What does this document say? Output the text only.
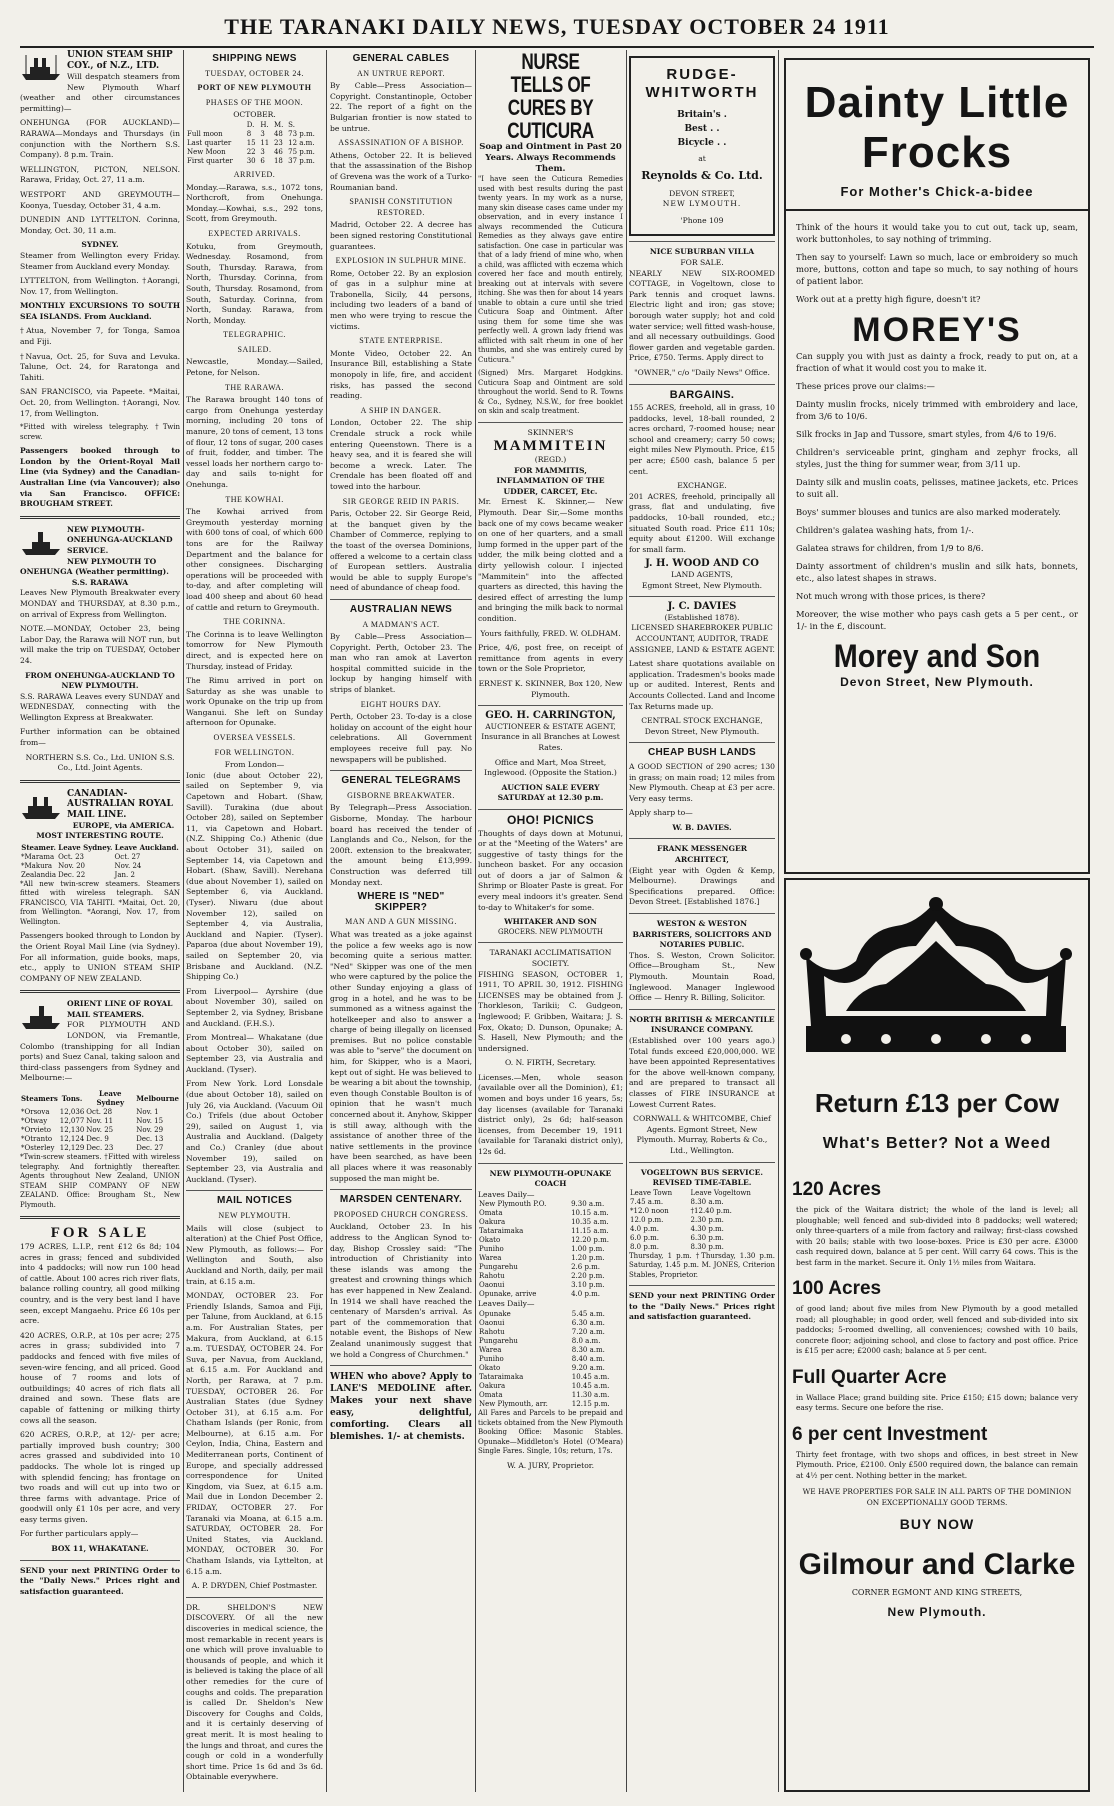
THE TARANAKI DAILY NEWS, TUESDAY OCTOBER 24 1911
UNION STEAM SHIP COY., of N.Z., LTD.
Will despatch steamers from New Plymouth Wharf (weather and other circumstances permitting)—
ONEHUNGA (FOR AUCKLAND)— RARAWA—Mondays and Thursdays (in conjunction with the Northern S.S. Company). 8 p.m. Train.
WELLINGTON, PICTON, NELSON. Rarawa, Friday, Oct. 27, 11 a.m.
WESTPORT AND GREYMOUTH— Koonya, Tuesday, October 31, 4 a.m.
DUNEDIN AND LYTTELTON. Corinna, Monday, Oct. 30, 11 a.m.
SYDNEY.
Steamer from Wellington every Friday. Steamer from Auckland every Monday.
LYTTELTON, from Wellington. †Aorangi, Nov. 17, from Wellington.
MONTHLY EXCURSIONS TO SOUTH SEA ISLANDS. From Auckland.
†Atua, November 7, for Tonga, Samoa and Fiji.
†Navua, Oct. 25, for Suva and Levuka. Talune, Oct. 24, for Raratonga and Tahiti.
SAN FRANCISCO, via Papeete. *Maitai, Oct. 20, from Wellington. †Aorangi, Nov. 17, from Wellington.
*Fitted with wireless telegraphy. †Twin screw.
Passengers booked through to London by the Orient-Royal Mail Line (via Sydney) and the Canadian-Australian Line (via Vancouver); also via San Francisco. OFFICE: BROUGHAM STREET.
NEW PLYMOUTH-ONEHUNGA-AUCKLAND SERVICE.
NEW PLYMOUTH TO ONEHUNGA (Weather permitting).
S.S. RARAWA
Leaves New Plymouth Breakwater every MONDAY and THURSDAY, at 8.30 p.m., on arrival of Express from Wellington.
NOTE.—MONDAY, October 23, being Labor Day, the Rarawa will NOT run, but will make the trip on TUESDAY, October 24.
FROM ONEHUNGA-AUCKLAND TO NEW PLYMOUTH.
S.S. RARAWA Leaves every SUNDAY and WEDNESDAY, connecting with the Wellington Express at Breakwater.
Further information can be obtained from—
NORTHERN S.S. Co., Ltd. UNION S.S. Co., Ltd. Joint Agents.
CANADIAN-AUSTRALIAN ROYAL MAIL LINE.
EUROPE, via AMERICA. MOST INTERESTING ROUTE.
Steamer.	Leave Sydney.	Leave Auckland.
*Marama	Oct. 23	Oct. 27
*Makura	Nov. 20	Nov. 24
Zealandia	Dec. 22	Jan. 2
*All new twin-screw steamers. Steamers fitted with wireless telegraph. SAN FRANCISCO, VIA TAHITI. *Maitai, Oct. 20, from Wellington. *Aorangi, Nov. 17, from Wellington.
Passengers booked through to London by the Orient Royal Mail Line (via Sydney). For all information, guide books, maps, etc., apply to UNION STEAM SHIP COMPANY OF NEW ZEALAND.
ORIENT LINE OF ROYAL MAIL STEAMERS.
FOR PLYMOUTH AND LONDON, via Fremantle, Colombo (transhipping for all Indian ports) and Suez Canal, taking saloon and third-class passengers from Sydney and Melbourne:—
Steamers	Tons.	Leave Sydney	Melbourne
*Orsova	12,036	Oct. 28	Nov. 1
*Otway	12,077	Nov. 11	Nov. 15
*Orvieto	12,130	Nov. 25	Nov. 29
*Otranto	12,124	Dec. 9	Dec. 13
*Osterley	12,129	Dec. 23	Dec. 27
*Twin-screw steamers. †Fitted with wireless telegraphy. And fortnightly thereafter. Agents throughout New Zealand, UNION STEAM SHIP COMPANY OF NEW ZEALAND. Office: Brougham St., New Plymouth.
FOR SALE
179 ACRES, L.I.P., rent £12 6s 8d; 104 acres in grass; fenced and subdivided into 4 paddocks; will now run 100 head of cattle. About 100 acres rich river flats, balance rolling country, all good milking country, and is the very best land I have seen, except Mangaehu. Price £6 10s per acre.
420 ACRES, O.R.P., at 10s per acre; 275 acres in grass; subdivided into 7 paddocks and fenced with five miles of seven-wire fencing, and all priced. Good house of 7 rooms and lots of outbuildings; 40 acres of rich flats all drained and sown. These flats are capable of fattening or milking thirty cows all the season.
620 ACRES, O.R.P., at 12/- per acre; partially improved bush country; 300 acres grassed and subdivided into 10 paddocks. The whole lot is ringed up with splendid fencing; has frontage on two roads and will cut up into two or three farms with advantage. Price of goodwill only £1 10s per acre, and very easy terms given.
For further particulars apply—
BOX 11, WHAKATANE.
SEND your next PRINTING Order to the "Daily News." Prices right and satisfaction guaranteed.
SHIPPING NEWS
TUESDAY, OCTOBER 24.
PORT OF NEW PLYMOUTH
PHASES OF THE MOON.
OCTOBER.
	D.	H.	M.	S.
Full moon	8	3	48	73 p.m.
Last quarter	15	11	23	12 a.m.
New Moon	22	3	46	75 p.m.
First quarter	30	6	18	37 p.m.
ARRIVED.
Monday.—Rarawa, s.s., 1072 tons, Northcroft, from Onehunga. Monday.—Kowhai, s.s., 292 tons, Scott, from Greymouth.
EXPECTED ARRIVALS.
Kotuku, from Greymouth, Wednesday. Rosamond, from South, Thursday. Rarawa, from North, Thursday. Corinna, from South, Thursday. Rosamond, from South, Saturday. Corinna, from North, Sunday. Rarawa, from North, Monday.
TELEGRAPHIC.
SAILED.
Newcastle, Monday.—Sailed, Petone, for Nelson.
THE RARAWA.
The Rarawa brought 140 tons of cargo from Onehunga yesterday morning, including 20 tons of manure, 20 tons of cement, 13 tons of flour, 12 tons of sugar, 200 cases of fruit, fodder, and timber. The vessel loads her northern cargo to-day and sails to-night for Onehunga.
THE KOWHAI.
The Kowhai arrived from Greymouth yesterday morning with 600 tons of coal, of which 600 tons are for the Railway Department and the balance for other consignees. Discharging operations will be proceeded with to-day, and after completing will load 400 sheep and about 60 head of cattle and return to Greymouth.
THE CORINNA.
The Corinna is to leave Wellington tomorrow for New Plymouth direct, and is expected here on Thursday, instead of Friday.
The Rimu arrived in port on Saturday as she was unable to work Opunake on the trip up from Wanganui. She left on Sunday afternoon for Opunake.
OVERSEA VESSELS.
FOR WELLINGTON.
From London—
Ionic (due about October 22), sailed on September 9, via Capetown and Hobart. (Shaw, Savill). Turakina (due about October 28), sailed on September 11, via Capetown and Hobart. (N.Z. Shipping Co.) Athenic (due about October 31), sailed on September 14, via Capetown and Hobart. (Shaw, Savill). Nerehana (due about November 1), sailed on September 6, via Auckland. (Tyser). Niwaru (due about November 12), sailed on September 4, via Australia, Auckland and Napier. (Tyser). Paparoa (due about November 19), sailed on September 20, via Brisbane and Auckland. (N.Z. Shipping Co.)
From Liverpool— Ayrshire (due about November 30), sailed on September 2, via Sydney, Brisbane and Auckland. (F.H.S.).
From Montreal— Whakatane (due about October 30), sailed on September 23, via Australia and Auckland. (Tyser).
From New York. Lord Lonsdale (due about October 18), sailed on July 26, via Auckland. (Vacuum Oil Co.) Trifels (due about October 29), sailed on August 1, via Australia and Auckland. (Dalgety and Co.) Cranley (due about November 19), sailed on September 23, via Australia and Auckland. (Tyser).
MAIL NOTICES
NEW PLYMOUTH.
Mails will close (subject to alteration) at the Chief Post Office, New Plymouth, as follows:— For Wellington and South, also Auckland and North, daily, per mail train, at 6.15 a.m.
MONDAY, OCTOBER 23. For Friendly Islands, Samoa and Fiji, per Talune, from Auckland, at 6.15 a.m. For Australian States, per Makura, from Auckland, at 6.15 a.m. TUESDAY, OCTOBER 24. For Suva, per Navua, from Auckland, at 6.15 a.m. For Auckland and North, per Rarawa, at 7 p.m. TUESDAY, OCTOBER 26. For Australian States (due Sydney October 31), at 6.15 a.m. For Chatham Islands (per Ronic, from Melbourne), at 6.15 a.m. For Ceylon, India, China, Eastern and Mediterranean ports, Continent of Europe, and specially addressed correspondence for United Kingdom, via Suez, at 6.15 a.m. Mail due in London December 2. FRIDAY, OCTOBER 27. For Taranaki via Moana, at 6.15 a.m. SATURDAY, OCTOBER 28. For United States, via Auckland. MONDAY, OCTOBER 30. For Chatham Islands, via Lyttelton, at 6.15 a.m.
A. P. DRYDEN, Chief Postmaster.
DR. SHELDON'S NEW DISCOVERY. Of all the new discoveries in medical science, the most remarkable in recent years is one which will prove invaluable to thousands of people, and which it is believed is taking the place of all other remedies for the cure of coughs and colds. The preparation is called Dr. Sheldon's New Discovery for Coughs and Colds, and it is certainly deserving of great merit. It is most healing to the lungs and throat, and cures the cough or cold in a wonderfully short time. Price 1s 6d and 3s 6d. Obtainable everywhere.
GENERAL CABLES
AN UNTRUE REPORT.
By Cable—Press Association—Copyright. Constantinople, October 22. The report of a fight on the Bulgarian frontier is now stated to be untrue.
ASSASSINATION OF A BISHOP.
Athens, October 22. It is believed that the assassination of the Bishop of Grevena was the work of a Turko-Roumanian band.
SPANISH CONSTITUTION RESTORED.
Madrid, October 22. A decree has been signed restoring Constitutional guarantees.
EXPLOSION IN SULPHUR MINE.
Rome, October 22. By an explosion of gas in a sulphur mine at Trabonella, Sicily, 44 persons, including two leaders of a band of men who were trying to rescue the victims.
STATE ENTERPRISE.
Monte Video, October 22. An Insurance Bill, establishing a State monopoly in life, fire, and accident risks, has passed the second reading.
A SHIP IN DANGER.
London, October 22. The ship Crendale struck a rock while entering Queenstown. There is a heavy sea, and it is feared she will become a wreck. Later. The Crendale has been floated off and towed into the harbour.
SIR GEORGE REID IN PARIS.
Paris, October 22. Sir George Reid, at the banquet given by the Chamber of Commerce, replying to the toast of the oversea Dominions, offered a welcome to a certain class of European settlers. Australia would be able to supply Europe's need of abundance of cheap food.
AUSTRALIAN NEWS
A MADMAN'S ACT.
By Cable—Press Association—Copyright. Perth, October 23. The man who ran amok at Laverton hospital committed suicide in the lockup by hanging himself with strips of blanket.
EIGHT HOURS DAY.
Perth, October 23. To-day is a close holiday on account of the eight hour celebrations. All Government employees receive full pay. No newspapers will be published.
GENERAL TELEGRAMS
GISBORNE BREAKWATER.
By Telegraph—Press Association. Gisborne, Monday. The harbour board has received the tender of Langlands and Co., Nelson, for the 200ft. extension to the breakwater, the amount being £13,999. Construction was deferred till Monday next.
WHERE IS "NED" SKIPPER?
MAN AND A GUN MISSING.
What was treated as a joke against the police a few weeks ago is now becoming quite a serious matter. "Ned" Skipper was one of the men who were captured by the police the other Sunday enjoying a glass of grog in a hotel, and he was to be summoned as a witness against the hotelkeeper and also to answer a charge of being illegally on licensed premises. But no police constable was able to "serve" the document on him, for Skipper, who is a Maori, kept out of sight. He was believed to be wearing a bit about the township, even though Constable Boulton is of opinion that he wasn't much concerned about it. Anyhow, Skipper is still away, although with the assistance of another three of the native settlements in the province have been searched, as have been all places where it was reasonably supposed the man might be.
MARSDEN CENTENARY.
PROPOSED CHURCH CONGRESS.
Auckland, October 23. In his address to the Anglican Synod to-day, Bishop Crossley said: "The introduction of Christianity into these islands was among the greatest and crowning things which has ever happened in New Zealand. In 1914 we shall have reached the centenary of Marsden's arrival. As part of the commemoration that notable event, the Bishops of New Zealand unanimously suggest that we hold a Congress of Churchmen."
WHEN who above? Apply to LANE'S MEDOLINE after. Makes your next shave easy, delightful, comforting. Clears all blemishes. 1/- at chemists.
NURSE TELLS OF CURES BY CUTICURA
Soap and Ointment in Past 20 Years. Always Recommends Them.
"I have seen the Cuticura Remedies used with best results during the past twenty years. In my work as a nurse, many skin disease cases came under my observation, and in every instance I always recommended the Cuticura Remedies as they always gave entire satisfaction. One case in particular was that of a lady friend of mine who, when a child, was afflicted with eczema which covered her face and mouth entirely, breaking out at intervals with severe itching. She was then for about 14 years unable to obtain a cure until she tried Cuticura Soap and Ointment. After using them for some time she was perfectly well. A grown lady friend was afflicted with salt rheum in one of her thumbs, and she was entirely cured by Cuticura."
(Signed) Mrs. Margaret Hodgkins. Cuticura Soap and Ointment are sold throughout the world. Send to R. Towns & Co., Sydney, N.S.W., for free booklet on skin and scalp treatment.
SKINNER'S
MAMMITEIN
(REGD.)
FOR MAMMITIS, INFLAMMATION OF THE UDDER, CARCET, Etc.
Mr. Ernest K. Skinner,— New Plymouth. Dear Sir,—Some months back one of my cows became weaker on one of her quarters, and a small lump formed in the upper part of the udder, the milk being clotted and a dirty yellowish colour. I injected "Mammitein" into the affected quarters as directed, this having the desired effect of arresting the lump and bringing the milk back to normal condition.
Yours faithfully, FRED. W. OLDHAM.
Price, 4/6, post free, on receipt of remittance from agents in every town or the Sole Proprietor,
ERNEST K. SKINNER, Box 120, New Plymouth.
GEO. H. CARRINGTON,
AUCTIONEER & ESTATE AGENT, Insurance in all Branches at Lowest Rates.
Office and Mart, Moa Street, Inglewood. (Opposite the Station.)
AUCTION SALE EVERY SATURDAY at 12.30 p.m.
OHO! PICNICS
Thoughts of days down at Motunui, or at the "Meeting of the Waters" are suggestive of tasty things for the luncheon basket. For any occasion out of doors a jar of Salmon & Shrimp or Bloater Paste is great. For every meal indoors it's greater. Send to-day to Whitaker's for some.
WHITAKER AND SON
GROCERS. NEW PLYMOUTH
TARANAKI ACCLIMATISATION SOCIETY.
FISHING SEASON, OCTOBER 1, 1911, TO APRIL 30, 1912. FISHING LICENSES may be obtained from J. Thorkleson, Tarikii; C. Gudgeon, Inglewood; F. Gribben, Waitara; J. S. Fox, Okato; D. Dunson, Opunake; A. S. Hasell, New Plymouth; and the undersigned.
O. N. FIRTH, Secretary.
Licenses.—Men, whole season (available over all the Dominion), £1; women and boys under 16 years, 5s; day licenses (available for Taranaki district only), 2s 6d; half-season licenses, from December 19, 1911 (available for Taranaki district only), 12s 6d.
NEW PLYMOUTH-OPUNAKE COACH
Leaves Daily—
New Plymouth P.O.	9.30 a.m.
Omata	10.15 a.m.
Oakura	10.35 a.m.
Tataraimaka	11.15 a.m.
Okato	12.20 p.m.
Puniho	1.00 p.m.
Warea	1.20 p.m.
Pungarehu	2.6 p.m.
Rahotu	2.20 p.m.
Oaonui	3.10 p.m.
Opunake, arrive	4.0 p.m.
Leaves Daily—
Opunake	5.45 a.m.
Oaonui	6.30 a.m.
Rahotu	7.20 a.m.
Pungarehu	8.0 a.m.
Warea	8.30 a.m.
Puniho	8.40 a.m.
Okato	9.20 a.m.
Tataraimaka	10.45 a.m.
Oakura	10.45 a.m.
Omata	11.30 a.m.
New Plymouth, arr.	12.15 p.m.
All Fares and Parcels to be prepaid and tickets obtained from the New Plymouth Booking Office: Masonic Stables. Opunake—Middleton's Hotel (O'Meara) Single Fares. Single, 10s; return, 17s.
W. A. JURY, Proprietor.
RUDGE-
WHITWORTH
Britain's .
Best . .
Bicycle . .
at
Reynolds & Co. Ltd.
DEVON STREET,
NEW LYMOUTH.
'Phone 109
NICE SUBURBAN VILLA
FOR SALE.
NEARLY NEW SIX-ROOMED COTTAGE, in Vogeltown, close to Park tennis and croquet lawns. Electric light and iron; gas stove; borough water supply; hot and cold water service; well fitted wash-house, and all necessary outbuildings. Good flower garden and vegetable garden. Price, £750. Terms. Apply direct to
"OWNER," c/o "Daily News" Office.
BARGAINS.
155 ACRES, freehold, all in grass, 10 paddocks, level, 18-ball rounded, 2 acres orchard, 7-roomed house; near school and creamery; carry 50 cows; eight miles New Plymouth. Price, £15 per acre; £500 cash, balance 5 per cent.
EXCHANGE.
201 ACRES, freehold, principally all grass, flat and undulating, five paddocks, 10-ball rounded, etc.; situated South road. Price £11 10s; equity about £1200. Will exchange for small farm.
J. H. WOOD AND CO
LAND AGENTS,
Egmont Street, New Plymouth.
J. C. DAVIES
(Established 1878).
LICENSED SHAREBROKER PUBLIC ACCOUNTANT, AUDITOR, TRADE ASSIGNEE, LAND & ESTATE AGENT.
Latest share quotations available on application. Tradesmen's books made up or audited. Interest, Rents and Accounts Collected. Land and Income Tax Returns made up.
CENTRAL STOCK EXCHANGE, Devon Street, New Plymouth.
CHEAP BUSH LANDS
A GOOD SECTION of 290 acres; 130 in grass; on main road; 12 miles from New Plymouth. Cheap at £3 per acre. Very easy terms.
Apply sharp to—
W. B. DAVIES.
FRANK MESSENGER ARCHITECT,
(Eight year with Ogden & Kemp, Melbourne). Drawings and Specifications prepared. Office: Devon Street. [Established 1876.]
WESTON & WESTON BARRISTERS, SOLICITORS AND NOTARIES PUBLIC.
Thos. S. Weston, Crown Solicitor. Office—Brougham St., New Plymouth. Mountain Road, Inglewood. Manager Inglewood Office — Henry R. Billing, Solicitor.
NORTH BRITISH & MERCANTILE INSURANCE COMPANY.
(Established over 100 years ago.) Total funds exceed £20,000,000. WE have been appointed Representatives for the above well-known company, and are prepared to transact all classes of FIRE INSURANCE at Lowest Current Rates.
CORNWALL & WHITCOMBE, Chief Agents. Egmont Street, New Plymouth. Murray, Roberts & Co., Ltd., Wellington.
VOGELTOWN BUS SERVICE. REVISED TIME-TABLE.
Leave Town	Leave Vogeltown
7.45 a.m.	8.30 a.m.
*12.0 noon	†12.40 p.m.
12.0 p.m.	2.30 p.m.
4.0 p.m.	4.30 p.m.
6.0 p.m.	6.30 p.m.
8.0 p.m.	8.30 p.m.
Thursday, 1 p.m. †Thursday, 1.30 p.m. Saturday, 1.45 p.m. M. JONES, Criterion Stables, Proprietor.
SEND your next PRINTING Order to the "Daily News." Prices right and satisfaction guaranteed.
Dainty Little
Frocks
For Mother's Chick-a-bidee
Think of the hours it would take you to cut out, tack up, seam, work buttonholes, to say nothing of trimming.
Then say to yourself: Lawn so much, lace or embroidery so much more, buttons, cotton and tape so much, to say nothing of hours of patient labor.
Work out at a pretty high figure, doesn't it?
MOREY'S
Can supply you with just as dainty a frock, ready to put on, at a fraction of what it would cost you to make it.
These prices prove our claims:—
Dainty muslin frocks, nicely trimmed with embroidery and lace, from 3/6 to 10/6.
Silk frocks in Jap and Tussore, smart styles, from 4/6 to 19/6.
Children's serviceable print, gingham and zephyr frocks, all styles, just the thing for summer wear, from 3/11 up.
Dainty silk and muslin coats, pelisses, matinee jackets, etc. Prices to suit all.
Boys' summer blouses and tunics are also marked moderately.
Children's galatea washing hats, from 1/-.
Galatea straws for children, from 1/9 to 8/6.
Dainty assortment of children's muslin and silk hats, bonnets, etc., also latest shapes in straws.
Not much wrong with those prices, is there?
Moreover, the wise mother who pays cash gets a 5 per cent., or 1/- in the £, discount.
Morey and Son
Devon Street, New Plymouth.
Return £13 per Cow
What's Better? Not a Weed
120 Acres
the pick of the Waitara district; the whole of the land is level; all ploughable; well fenced and sub-divided into 8 paddocks; well watered; only three-quarters of a mile from factory and railway; first-class cowshed with 20 bails; stable with two loose-boxes. Price is £30 per acre. £3000 cash required down, balance at 5 per cent. Will carry 64 cows. This is the best farm in the market. Secure it. Only 1½ miles from Waitara.
100 Acres
of good land; about five miles from New Plymouth by a good metalled road; all ploughable; in good order, well fenced and sub-divided into six paddocks; 5-roomed dwelling, all conveniences; cowshed with 10 bails, concrete floor; adjoining school, and close to factory and post office. Price is £15 per acre; £2000 cash; balance at 5 per cent.
Full Quarter Acre
in Wallace Place; grand building site. Price £150; £15 down; balance very easy terms. Secure one before the rise.
6 per cent Investment
Thirty feet frontage, with two shops and offices, in best street in New Plymouth. Price, £2100. Only £500 required down, the balance can remain at 4½ per cent. Nothing better in the market.
WE HAVE PROPERTIES FOR SALE IN ALL PARTS OF THE DOMINION ON EXCEPTIONALLY GOOD TERMS.
BUY NOW
Gilmour and Clarke
CORNER EGMONT AND KING STREETS,
New Plymouth.
